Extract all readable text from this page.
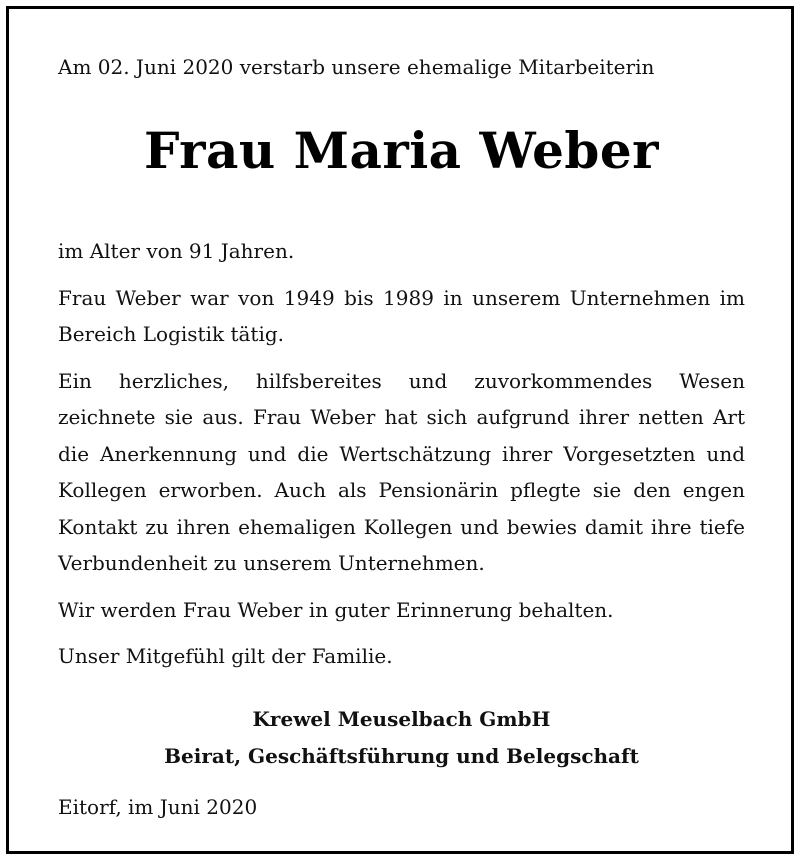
Am 02. Juni 2020 verstarb unsere ehemalige Mitarbeiterin
Frau Maria Weber

im Alter von 91 Jahren.

Frau Weber war von 1949 bis 1989 in unserem Unternehmen im Bereich Logistik tätig.

Ein herzliches, hilfsbereites und zuvorkommendes Wesen zeichnete sie aus. Frau Weber hat sich aufgrund ihrer netten Art die Anerkennung und die Wertschätzung ihrer Vorgesetzten und Kollegen erworben. Auch als Pensionärin pflegte sie den engen Kontakt zu ihren ehemaligen Kollegen und bewies damit ihre tiefe Verbundenheit zu unserem Unternehmen.

Wir werden Frau Weber in guter Erinnerung behalten.

Unser Mitgefühl gilt der Familie.

Krewel Meuselbach GmbH
Beirat, Geschäftsführung und Belegschaft
Eitorf, im Juni 2020
